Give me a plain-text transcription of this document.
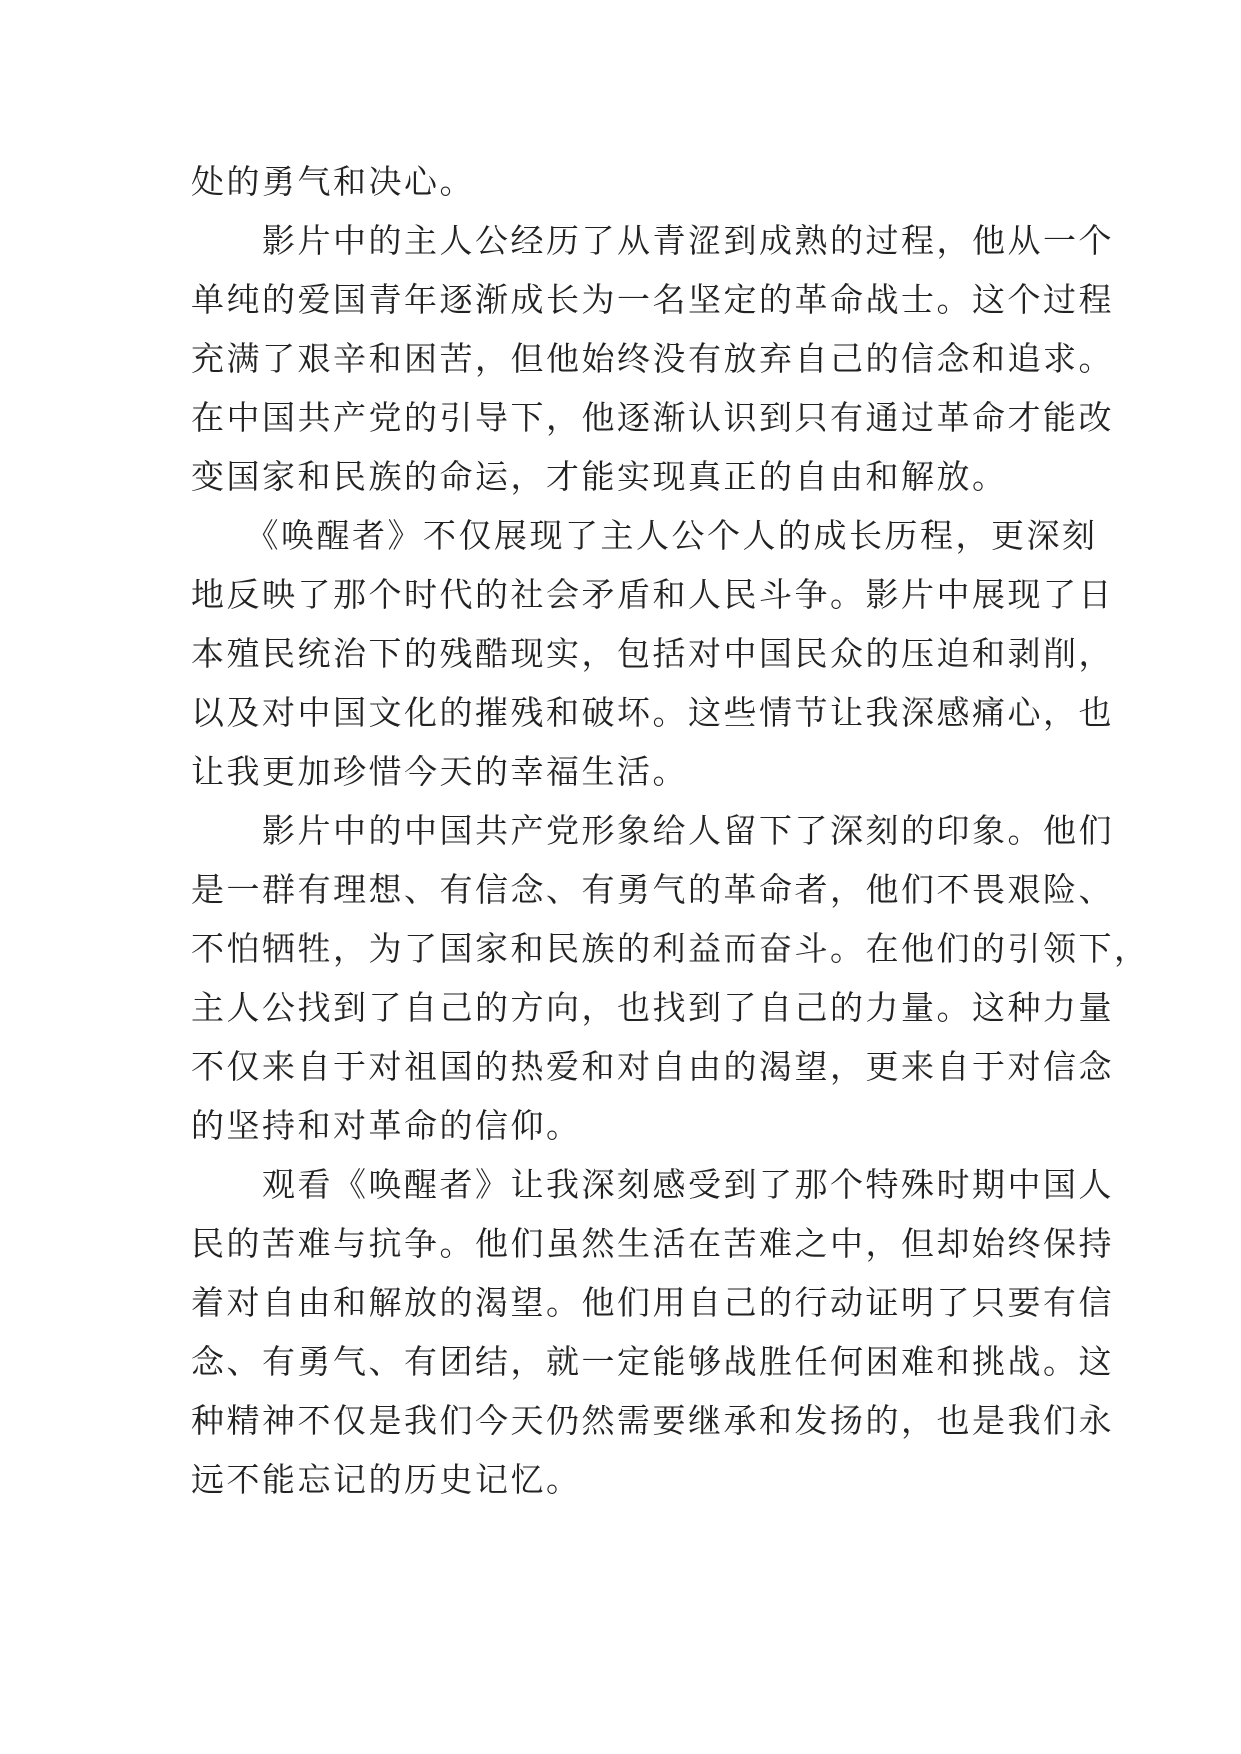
处的勇气和决心。
　　影片中的主人公经历了从青涩到成熟的过程，他从一个
单纯的爱国青年逐渐成长为一名坚定的革命战士。这个过程
充满了艰辛和困苦，但他始终没有放弃自己的信念和追求。
在中国共产党的引导下，他逐渐认识到只有通过革命才能改
变国家和民族的命运，才能实现真正的自由和解放。
　　《唤醒者》不仅展现了主人公个人的成长历程，更深刻
地反映了那个时代的社会矛盾和人民斗争。影片中展现了日
本殖民统治下的残酷现实，包括对中国民众的压迫和剥削，
以及对中国文化的摧残和破坏。这些情节让我深感痛心，也
让我更加珍惜今天的幸福生活。
　　影片中的中国共产党形象给人留下了深刻的印象。他们
是一群有理想、有信念、有勇气的革命者，他们不畏艰险、
不怕牺牲，为了国家和民族的利益而奋斗。在他们的引领下，
主人公找到了自己的方向，也找到了自己的力量。这种力量
不仅来自于对祖国的热爱和对自由的渴望，更来自于对信念
的坚持和对革命的信仰。
　　观看《唤醒者》让我深刻感受到了那个特殊时期中国人
民的苦难与抗争。他们虽然生活在苦难之中，但却始终保持
着对自由和解放的渴望。他们用自己的行动证明了只要有信
念、有勇气、有团结，就一定能够战胜任何困难和挑战。这
种精神不仅是我们今天仍然需要继承和发扬的，也是我们永
远不能忘记的历史记忆。
